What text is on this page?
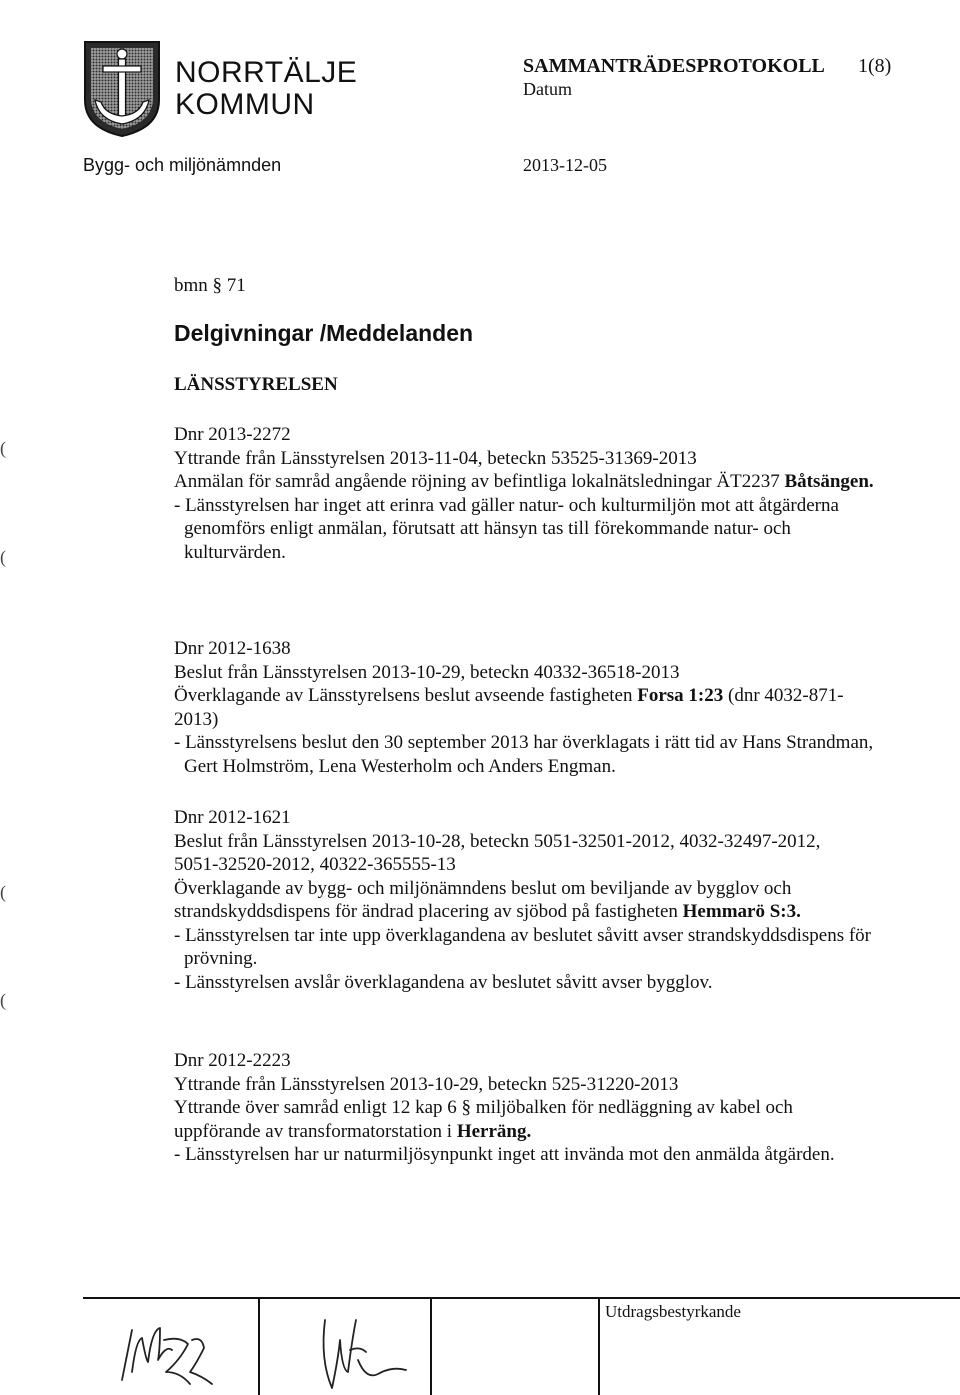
NORRTÄLJE
KOMMUN
SAMMANTRÄDESPROTOKOLL 1(8)
Datum
Bygg- och miljönämnden	2013-12-05
bmn § 71
Delgivningar /Meddelanden
LÄNSSTYRELSEN

Dnr 2013-2272

Yttrande från Länsstyrelsen 2013-11-04, beteckn 53525-31369-2013

Anmälan för samråd angående röjning av befintliga lokalnätsledningar ÄT2237 Båtsängen.

- Länsstyrelsen har inget att erinra vad gäller natur- och kulturmiljön mot att åtgärderna

genomförs enligt anmälan, förutsatt att hänsyn tas till förekommande natur- och

kulturvärden.

Dnr 2012-1638

Beslut från Länsstyrelsen 2013-10-29, beteckn 40332-36518-2013

Överklagande av Länsstyrelsens beslut avseende fastigheten Forsa 1:23 (dnr 4032-871-

2013)

- Länsstyrelsens beslut den 30 september 2013 har överklagats i rätt tid av Hans Strandman,

Gert Holmström, Lena Westerholm och Anders Engman.

Dnr 2012-1621

Beslut från Länsstyrelsen 2013-10-28, beteckn 5051-32501-2012, 4032-32497-2012,

5051-32520-2012, 40322-365555-13

Överklagande av bygg- och miljönämndens beslut om beviljande av bygglov och

strandskyddsdispens för ändrad placering av sjöbod på fastigheten Hemmarö S:3.

- Länsstyrelsen tar inte upp överklagandena av beslutet såvitt avser strandskyddsdispens för

prövning.

- Länsstyrelsen avslår överklagandena av beslutet såvitt avser bygglov.

Dnr 2012-2223

Yttrande från Länsstyrelsen 2013-10-29, beteckn 525-31220-2013

Yttrande över samråd enligt 12 kap 6 § miljöbalken för nedläggning av kabel och

uppförande av transformatorstation i Herräng.

- Länsstyrelsen har ur naturmiljösynpunkt inget att invända mot den anmälda åtgärden.

(
(
(
(
Utdragsbestyrkande
